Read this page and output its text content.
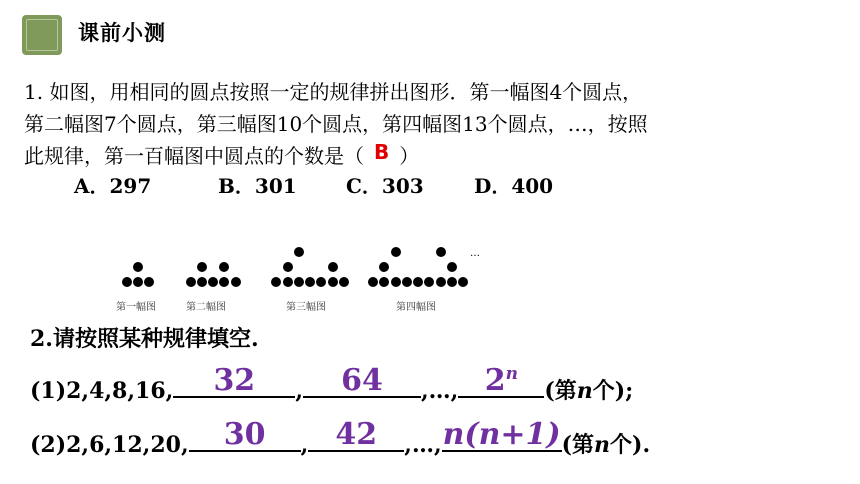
课前小测
1. 如图，用相同的圆点按照一定的规律拼出图形．第一幅图4个圆点，
第二幅图7个圆点，第三幅图10个圆点，第四幅图13个圆点，…，按照
此规律，第一百幅图中圆点的个数是（ B ）
A．297	B．301 C．303	D．400
第一幅图	第二幅图	第三幅图	第四幅图
…
2.请按照某种规律填空.
(1)2,4,8,16,	32	,	64	,…, 2$^n$
(第n个);
(2)2,6,12,20,	30	, 42	,…, n(n+1) (第n个).
